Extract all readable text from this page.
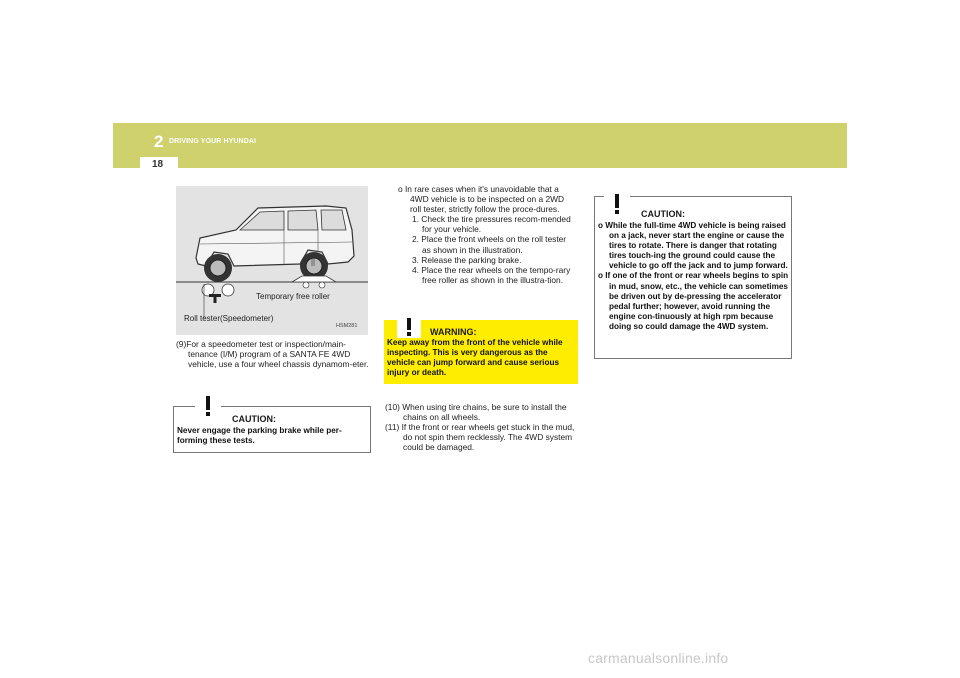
2 DRIVING YOUR HYUNDAI
18
Temporary free roller
Roll tester(Speedometer)
HSM281
(9)For a speedometer test or inspection/main-tenance (I/M) program of a SANTA FE 4WD vehicle, use a four wheel chassis dynamom-eter.
CAUTION:
Never engage the parking brake while per-forming these tests.
o In rare cases when it's unavoidable that a 4WD vehicle is to be inspected on a 2WD roll tester, strictly follow the proce-dures.
1. Check the tire pressures recom-mended for your vehicle.
2. Place the front wheels on the roll tester as shown in the illustration.
3. Release the parking brake.
4. Place the rear wheels on the tempo-rary free roller as shown in the illustra-tion.
WARNING:
Keep away from the front of the vehicle while inspecting. This is very dangerous as the vehicle can jump forward and cause serious injury or death.
(10) When using tire chains, be sure to install the chains on all wheels.
(11) If the front or rear wheels get stuck in the mud, do not spin them recklessly. The 4WD system could be damaged.
CAUTION:
o While the full-time 4WD vehicle is being raised on a jack, never start the engine or cause the tires to rotate. There is danger that rotating tires touch-ing the ground could cause the vehicle to go off the jack and to jump forward.
o If one of the front or rear wheels begins to spin in mud, snow, etc., the vehicle can sometimes be driven out by de-pressing the accelerator pedal further; however, avoid running the engine con-tinuously at high rpm because doing so could damage the 4WD system.
carmanualsonline.info
